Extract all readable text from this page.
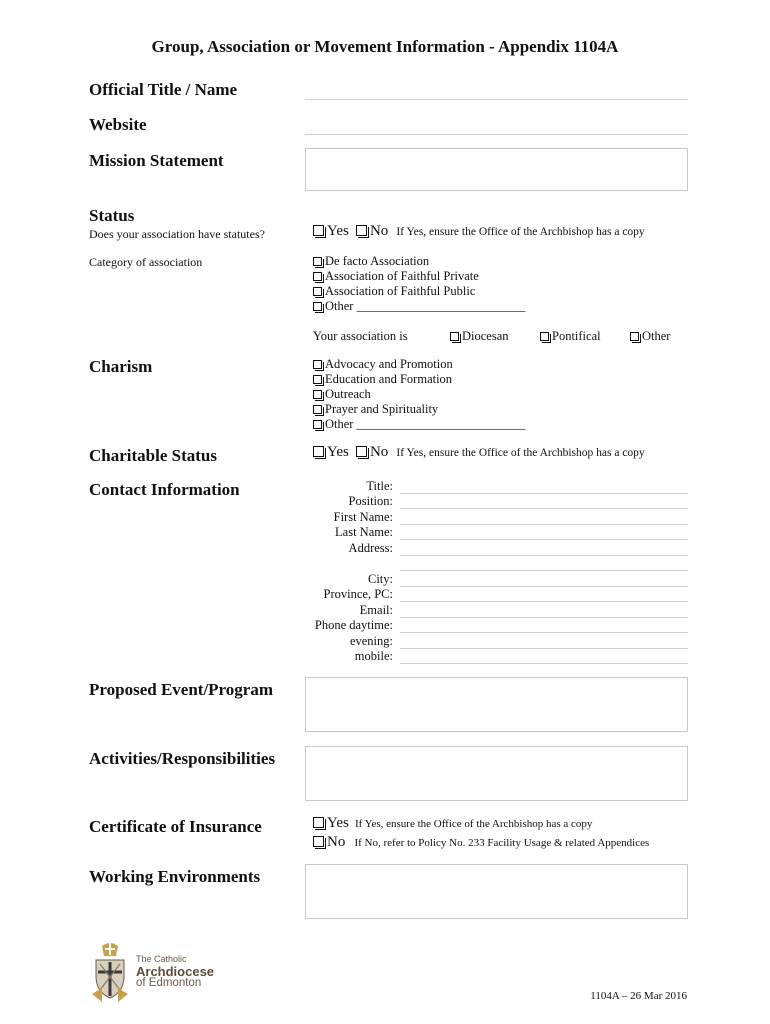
Group, Association or Movement Information - Appendix 1104A
Official Title / Name
Website
Mission Statement
Status
Does your association have statutes?	Yes No If Yes, ensure the Office of the Archbishop has a copy
Category of association	De facto Association
Association of Faithful Private
Association of Faithful Public
Other ___________________________
Your association is	Diocesan	Pontifical	Other
Charism	Advocacy and Promotion
Education and Formation
Outreach
Prayer and Spirituality
Other ___________________________
Charitable Status	Yes No If Yes, ensure the Office of the Archbishop has a copy
Contact Information	Title:
Position:
First Name:
Last Name:
Address:
City:
Province, PC:
Email:
Phone daytime:
evening:
mobile:
Proposed Event/Program
Activities/Responsibilities
Certificate of Insurance	Yes If Yes, ensure the Office of the Archbishop has a copy
No If No, refer to Policy No. 233 Facility Usage & related Appendices
Working Environments
The Catholic
Archdiocese
of Edmonton
1104A – 26 Mar 2016
